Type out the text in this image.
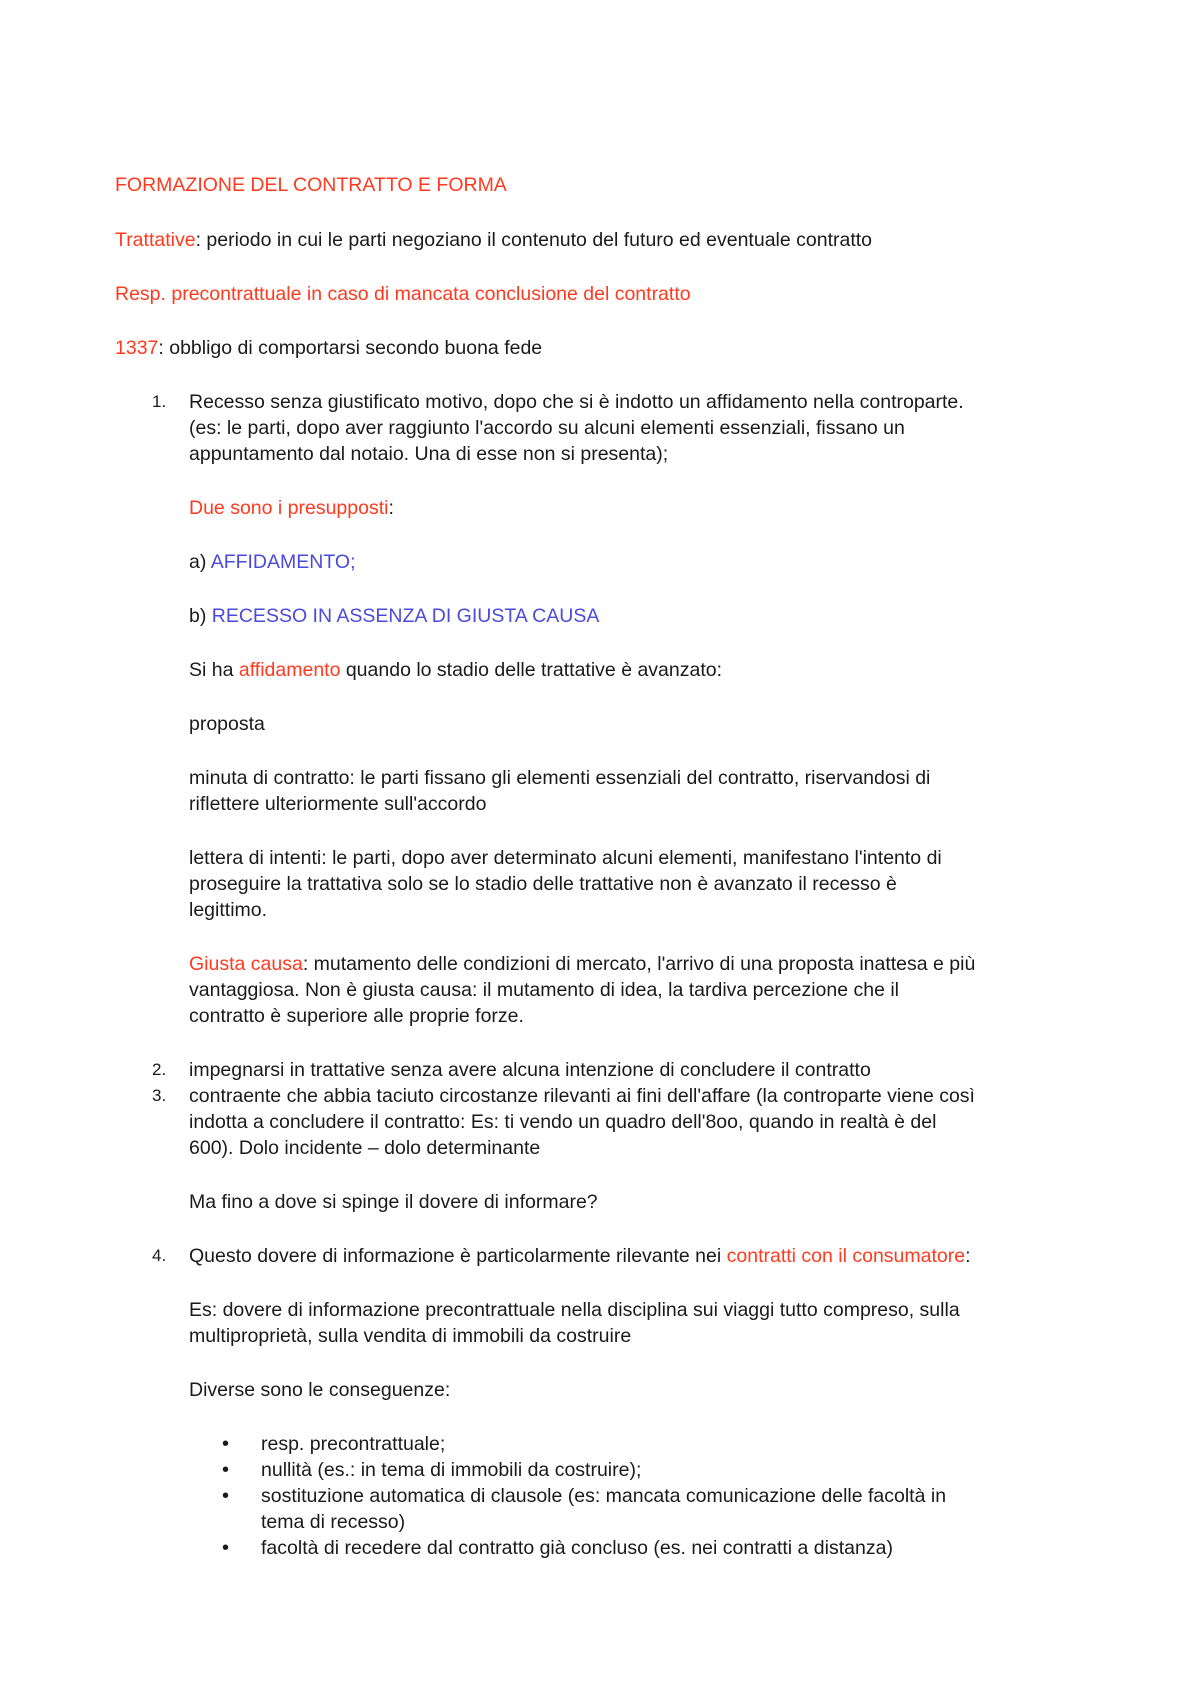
FORMAZIONE DEL CONTRATTO E FORMA
Trattative: periodo in cui le parti negoziano il contenuto del futuro ed eventuale contratto
Resp. precontrattuale in caso di mancata conclusione del contratto
1337: obbligo di comportarsi secondo buona fede
1. Recesso senza giustificato motivo, dopo che si è indotto un affidamento nella controparte.
(es: le parti, dopo aver raggiunto l'accordo su alcuni elementi essenziali, fissano un
appuntamento dal notaio. Una di esse non si presenta);
Due sono i presupposti:
a) AFFIDAMENTO;
b) RECESSO IN ASSENZA DI GIUSTA CAUSA
Si ha affidamento quando lo stadio delle trattative è avanzato:
proposta
minuta di contratto: le parti fissano gli elementi essenziali del contratto, riservandosi di
riflettere ulteriormente sull'accordo
lettera di intenti: le parti, dopo aver determinato alcuni elementi, manifestano l'intento di
proseguire la trattativa solo se lo stadio delle trattative non è avanzato il recesso è
legittimo.
Giusta causa: mutamento delle condizioni di mercato, l'arrivo di una proposta inattesa e più
vantaggiosa. Non è giusta causa: il mutamento di idea, la tardiva percezione che il
contratto è superiore alle proprie forze.
2. impegnarsi in trattative senza avere alcuna intenzione di concludere il contratto
3. contraente che abbia taciuto circostanze rilevanti ai fini dell'affare (la controparte viene così
indotta a concludere il contratto: Es: ti vendo un quadro dell'8oo, quando in realtà è del
600). Dolo incidente – dolo determinante
Ma fino a dove si spinge il dovere di informare?
4. Questo dovere di informazione è particolarmente rilevante nei contratti con il consumatore:
Es: dovere di informazione precontrattuale nella disciplina sui viaggi tutto compreso, sulla
multiproprietà, sulla vendita di immobili da costruire
Diverse sono le conseguenze:
• resp. precontrattuale;
• nullità (es.: in tema di immobili da costruire);
• sostituzione automatica di clausole (es: mancata comunicazione delle facoltà in
tema di recesso)
• facoltà di recedere dal contratto già concluso (es. nei contratti a distanza)
